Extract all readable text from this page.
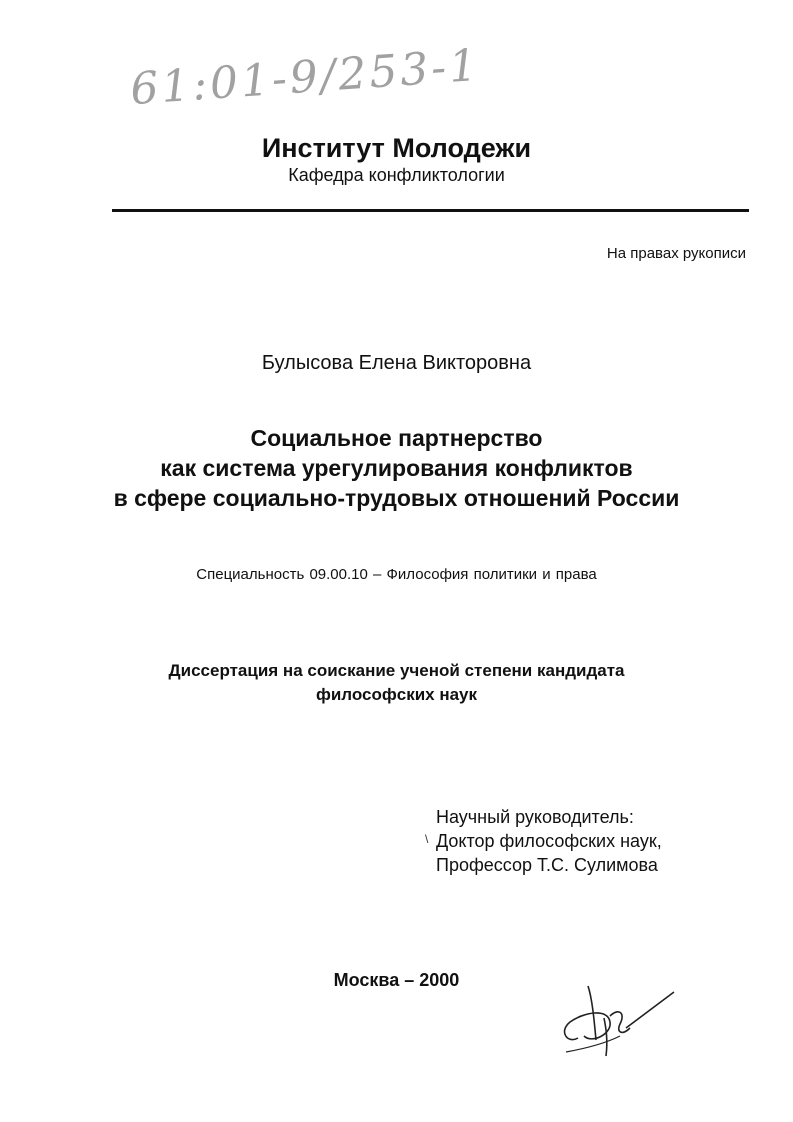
61:01-9/253-1
Институт Молодежи
Кафедра конфликтологии
На правах рукописи
Булысова Елена Викторовна
Социальное партнерство
как система урегулирования конфликтов
в сфере социально-трудовых отношений России
Специальность 09.00.10 – Философия политики и права
Диссертация на соискание ученой степени кандидата
философских наук
\
Научный руководитель:
Доктор философских наук,
Профессор Т.С. Сулимова
Москва – 2000
